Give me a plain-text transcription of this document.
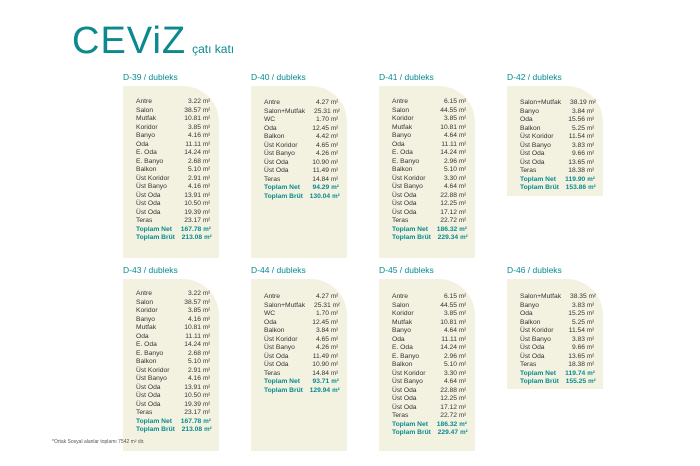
CEViZ çatı katı
D-39 / dubleks
Antre	3.22 m²
Salon	38.57 m²
Mutfak	10.81 m²
Koridor	3.85 m²
Banyo	4.16 m²
Oda	11.11 m²
E. Oda	14.24 m²
E. Banyo	2.68 m²
Balkon	5.10 m²
Üst Koridor	2.91 m²
Üst Banyo	4.16 m²
Üst Oda	13.91 m²
Üst Oda	10.50 m²
Üst Oda	19.39 m²
Teras	23.17 m²
Toplam Net	167.78 m²
Toplam Brüt	213.08 m²
D-40 / dubleks
Antre	4.27 m²
Salon+Mutfak	25.31 m²
WC	1.70 m²
Oda	12.45 m²
Balkon	4.42 m²
Üst Koridor	4.65 m²
Üst Banyo	4.26 m²
Üst Oda	10.90 m²
Üst Oda	11.49 m²
Teras	14.84 m²
Toplam Net	94.29 m²
Toplam Brüt	130.04 m²
D-41 / dubleks
Antre	6.15 m²
Salon	44.55 m²
Koridor	3.85 m²
Mutfak	10.81 m²
Banyo	4.64 m²
Oda	11.11 m²
E. Oda	14.24 m²
E. Banyo	2.96 m²
Balkon	5.10 m²
Üst Koridor	3.30 m²
Üst Banyo	4.64 m²
Üst Oda	22.88 m²
Üst Oda	12.25 m²
Üst Oda	17.12 m²
Teras	22.72 m²
Toplam Net	186.32 m²
Toplam Brüt	229.34 m²
D-42 / dubleks
Salon+Mutfak	38.19 m²
Banyo	3.84 m²
Oda	15.56 m²
Balkon	5.25 m²
Üst Koridor	11.54 m²
Üst Banyo	3.83 m²
Üst Oda	9.66 m²
Üst Oda	13.65 m²
Teras	18.38 m²
Toplam Net	119.90 m²
Toplam Brüt	153.86 m²
D-43 / dubleks
Antre	3.22 m²
Salon	38.57 m²
Koridor	3.85 m²
Banyo	4.16 m²
Mutfak	10.81 m²
Oda	11.11 m²
E. Oda	14.24 m²
E. Banyo	2.68 m²
Balkon	5.10 m²
Üst Koridor	2.91 m²
Üst Banyo	4.16 m²
Üst Oda	13.91 m²
Üst Oda	10.50 m²
Üst Oda	19.39 m²
Teras	23.17 m²
Toplam Net	167.78 m²
Toplam Brüt	213.08 m²
D-44 / dubleks
Antre	4.27 m²
Salon+Mutfak	25.31 m²
WC	1.70 m²
Oda	12.45 m²
Balkon	3.84 m²
Üst Koridor	4.65 m²
Üst Banyo	4.26 m²
Üst Oda	11.49 m²
Üst Oda	10.90 m²
Teras	14.84 m²
Toplam Net	93.71 m²
Toplam Brüt	129.94 m²
D-45 / dubleks
Antre	6.15 m²
Salon	44.55 m²
Koridor	3.85 m²
Mutfak	10.81 m²
Banyo	4.64 m²
Oda	11.11 m²
E. Oda	14.24 m²
E. Banyo	2.96 m²
Balkon	5.10 m²
Üst Koridor	3.30 m²
Üst Banyo	4.64 m²
Üst Oda	22.88 m²
Üst Oda	12.25 m²
Üst Oda	17.12 m²
Teras	22.72 m²
Toplam Net	186.32 m²
Toplam Brüt	229.47 m²
D-46 / dubleks
Salon+Mutfak	38.35 m²
Banyo	3.83 m²
Oda	15.25 m²
Balkon	5.25 m²
Üst Koridor	11.54 m²
Üst Banyo	3.83 m²
Üst Oda	9.66 m²
Üst Oda	13.65 m²
Teras	18.38 m²
Toplam Net	119.74 m²
Toplam Brüt	155.25 m²
*Ortak Sosyal alanlar toplamı 7542 m² dir.
